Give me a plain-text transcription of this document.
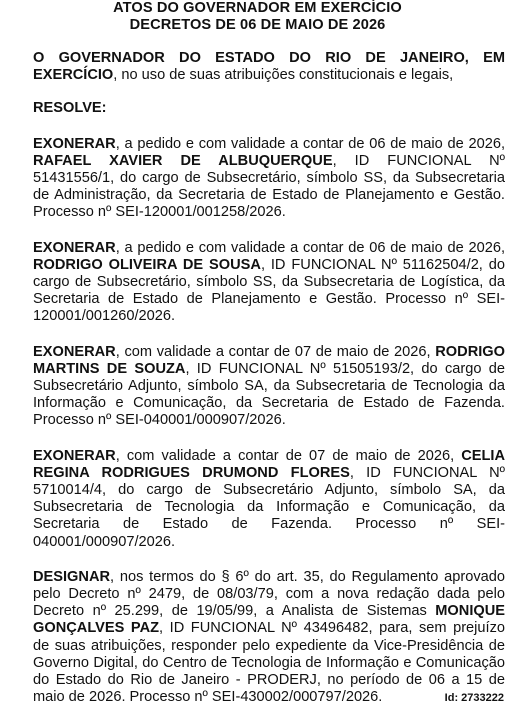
ATOS DO GOVERNADOR EM EXERCÍCIO
DECRETOS DE 06 DE MAIO DE 2026

O GOVERNADOR DO ESTADO DO RIO DE JANEIRO, EM EXERCÍCIO, no uso de suas atribuições constitucionais e legais,

RESOLVE:

EXONERAR, a pedido e com validade a contar de 06 de maio de 2026, RAFAEL XAVIER DE ALBUQUERQUE, ID FUNCIONAL Nº 51431556/1, do cargo de Subsecretário, símbolo SS, da Subsecretaria de Administração, da Secretaria de Estado de Planejamento e Gestão. Processo nº SEI-120001/001258/2026.

EXONERAR, a pedido e com validade a contar de 06 de maio de 2026, RODRIGO OLIVEIRA DE SOUSA, ID FUNCIONAL Nº 51162504/2, do cargo de Subsecretário, símbolo SS, da Subsecretaria de Logística, da Secretaria de Estado de Planejamento e Gestão. Processo nº SEI-120001/001260/2026.

EXONERAR, com validade a contar de 07 de maio de 2026, RODRIGO MARTINS DE SOUZA, ID FUNCIONAL Nº 51505193/2, do cargo de Subsecretário Adjunto, símbolo SA, da Subsecretaria de Tecnologia da Informação e Comunicação, da Secretaria de Estado de Fazenda. Processo nº SEI-040001/000907/2026.

EXONERAR, com validade a contar de 07 de maio de 2026, CELIA REGINA RODRIGUES DRUMOND FLORES, ID FUNCIONAL Nº 5710014/4, do cargo de Subsecretário Adjunto, símbolo SA, da Subsecretaria de Tecnologia da Informação e Comunicação, da Secretaria de Estado de Fazenda. Processo nº SEI-040001/000907/2026.

DESIGNAR, nos termos do § 6º do art. 35, do Regulamento aprovado pelo Decreto nº 2479, de 08/03/79, com a nova redação dada pelo Decreto nº 25.299, de 19/05/99, a Analista de Sistemas MONIQUE GONÇALVES PAZ, ID FUNCIONAL Nº 43496482, para, sem prejuízo de suas atribuições, responder pelo expediente da Vice-Presidência de Governo Digital, do Centro de Tecnologia de Informação e Comunicação do Estado do Rio de Janeiro - PRODERJ, no período de 06 a 15 de maio de 2026. Processo nº SEI-430002/000797/2026.	Id: 2733222
